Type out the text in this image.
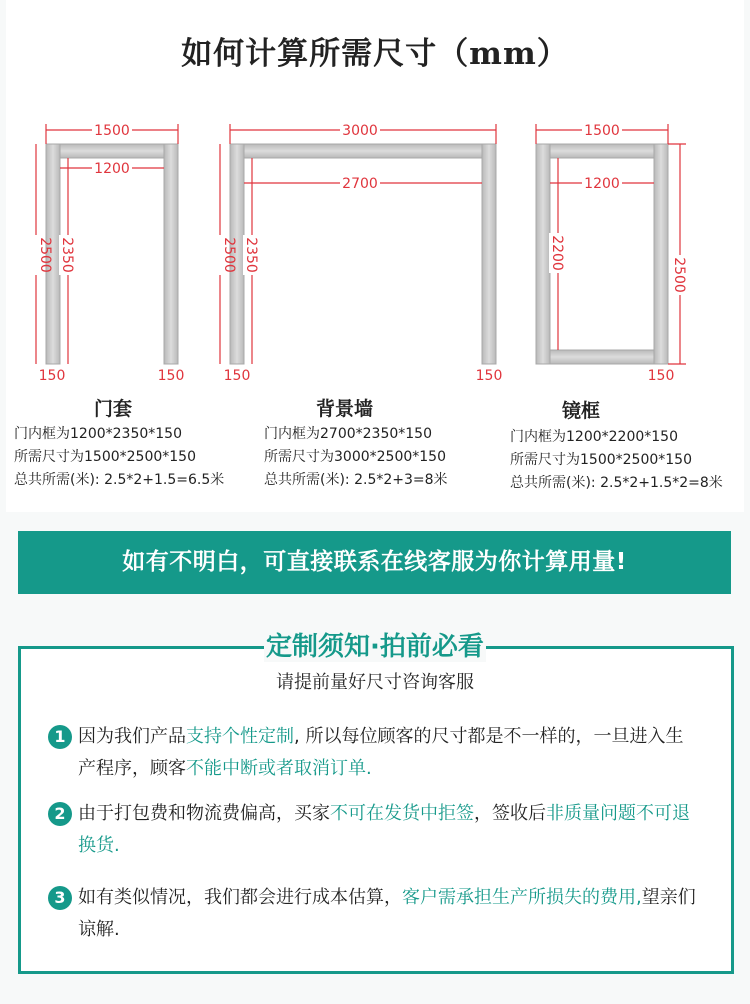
如何计算所需尺寸（mm）
1500
1200
2500 2350
150	150
3000
2700
2500 2350
150	150
1500
1200
2200
2500
150
门套	背景墙	镜框
门内框为1200*2350*150
所需尺寸为1500*2500*150
总共所需(米): 2.5*2+1.5=6.5米
门内框为2700*2350*150
所需尺寸为3000*2500*150
总共所需(米): 2.5*2+3=8米
门内框为1200*2200*150
所需尺寸为1500*2500*150
总共所需(米): 2.5*2+1.5*2=8米
如有不明白，可直接联系在线客服为你计算用量!
定制须知·拍前必看
请提前量好尺寸咨询客服
1 因为我们产品支持个性定制, 所以每位顾客的尺寸都是不一样的，一旦进入生产程序，顾客不能中断或者取消订单.
2 由于打包费和物流费偏高，买家不可在发货中拒签，签收后非质量问题不可退换货.
3 如有类似情况，我们都会进行成本估算，客户需承担生产所损失的费用,望亲们谅解.
